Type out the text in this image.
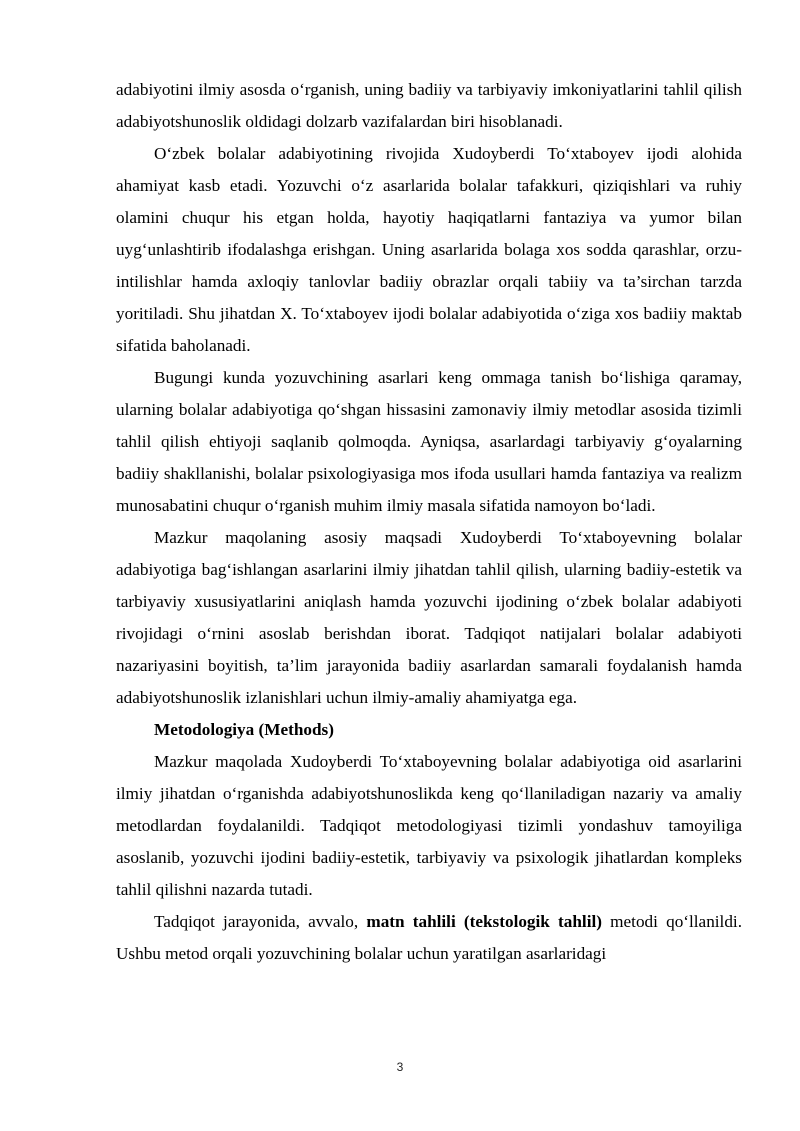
adabiyotini ilmiy asosda o‘rganish, uning badiiy va tarbiyaviy imkoniyatlarini tahlil qilish adabiyotshunoslik oldidagi dolzarb vazifalardan biri hisoblanadi.

O‘zbek bolalar adabiyotining rivojida Xudoyberdi To‘xtaboyev ijodi alohida ahamiyat kasb etadi. Yozuvchi o‘z asarlarida bolalar tafakkuri, qiziqishlari va ruhiy olamini chuqur his etgan holda, hayotiy haqiqatlarni fantaziya va yumor bilan uyg‘unlashtirib ifodalashga erishgan. Uning asarlarida bolaga xos sodda qarashlar, orzu-intilishlar hamda axloqiy tanlovlar badiiy obrazlar orqali tabiiy va ta’sirchan tarzda yoritiladi. Shu jihatdan X. To‘xtaboyev ijodi bolalar adabiyotida o‘ziga xos badiiy maktab sifatida baholanadi.

Bugungi kunda yozuvchining asarlari keng ommaga tanish bo‘lishiga qaramay, ularning bolalar adabiyotiga qo‘shgan hissasini zamonaviy ilmiy metodlar asosida tizimli tahlil qilish ehtiyoji saqlanib qolmoqda. Ayniqsa, asarlardagi tarbiyaviy g‘oyalarning badiiy shakllanishi, bolalar psixologiyasiga mos ifoda usullari hamda fantaziya va realizm munosabatini chuqur o‘rganish muhim ilmiy masala sifatida namoyon bo‘ladi.

Mazkur maqolaning asosiy maqsadi Xudoyberdi To‘xtaboyevning bolalar adabiyotiga bag‘ishlangan asarlarini ilmiy jihatdan tahlil qilish, ularning badiiy-estetik va tarbiyaviy xususiyatlarini aniqlash hamda yozuvchi ijodining o‘zbek bolalar adabiyoti rivojidagi o‘rnini asoslab berishdan iborat. Tadqiqot natijalari bolalar adabiyoti nazariyasini boyitish, ta’lim jarayonida badiiy asarlardan samarali foydalanish hamda adabiyotshunoslik izlanishlari uchun ilmiy-amaliy ahamiyatga ega.

Metodologiya (Methods)

Mazkur maqolada Xudoyberdi To‘xtaboyevning bolalar adabiyotiga oid asarlarini ilmiy jihatdan o‘rganishda adabiyotshunoslikda keng qo‘llaniladigan nazariy va amaliy metodlardan foydalanildi. Tadqiqot metodologiyasi tizimli yondashuv tamoyiliga asoslanib, yozuvchi ijodini badiiy-estetik, tarbiyaviy va psixologik jihatlardan kompleks tahlil qilishni nazarda tutadi.

Tadqiqot jarayonida, avvalo, matn tahlili (tekstologik tahlil) metodi qo‘llanildi. Ushbu metod orqali yozuvchining bolalar uchun yaratilgan asarlaridagi

3
